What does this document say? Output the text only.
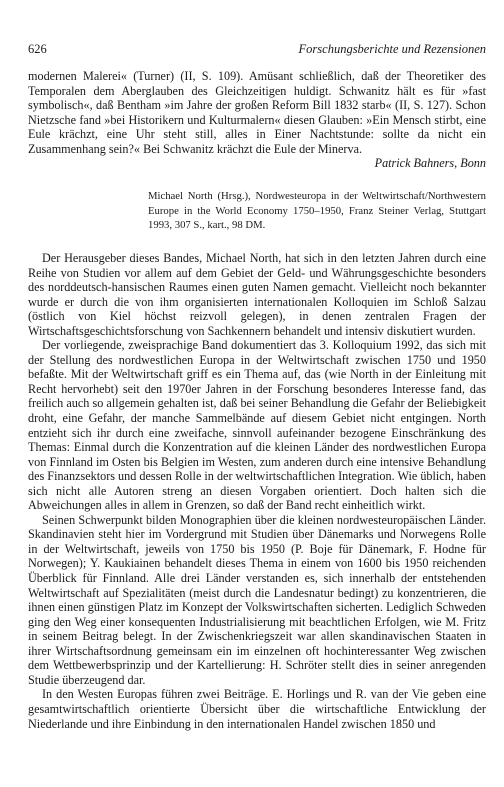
626	Forschungsberichte und Rezensionen

modernen Malerei« (Turner) (II, S. 109). Amüsant schließlich, daß der Theoretiker des Temporalen dem Aberglauben des Gleichzeitigen huldigt. Schwanitz hält es für »fast symbolisch«, daß Bentham »im Jahre der großen Reform Bill 1832 starb« (II, S. 127). Schon Nietzsche fand »bei Historikern und Kulturmalern« diesen Glauben: »Ein Mensch stirbt, eine Eule krächzt, eine Uhr steht still, alles in Einer Nachtstunde: sollte da nicht ein Zusammenhang sein?« Bei Schwanitz krächzt die Eule der Minerva.

Patrick Bahners, Bonn

Michael North (Hrsg.), Nordwesteuropa in der Weltwirtschaft/Northwestern Europe in the World Economy 1750–1950, Franz Steiner Verlag, Stuttgart 1993, 307 S., kart., 98 DM.

Der Herausgeber dieses Bandes, Michael North, hat sich in den letzten Jahren durch eine Reihe von Studien vor allem auf dem Gebiet der Geld- und Währungsgeschichte besonders des norddeutsch-hansischen Raumes einen guten Namen gemacht. Vielleicht noch bekannter wurde er durch die von ihm organisierten internationalen Kolloquien im Schloß Salzau (östlich von Kiel höchst reizvoll gelegen), in denen zentralen Fragen der Wirtschaftsgeschichtsforschung von Sachkennern behandelt und intensiv diskutiert wurden.

Der vorliegende, zweisprachige Band dokumentiert das 3. Kolloquium 1992, das sich mit der Stellung des nordwestlichen Europa in der Weltwirtschaft zwischen 1750 und 1950 befaßte. Mit der Weltwirtschaft griff es ein Thema auf, das (wie North in der Einleitung mit Recht hervorhebt) seit den 1970er Jahren in der Forschung besonderes Interesse fand, das freilich auch so allgemein gehalten ist, daß bei seiner Behandlung die Gefahr der Beliebigkeit droht, eine Gefahr, der manche Sammelbände auf diesem Gebiet nicht entgingen. North entzieht sich ihr durch eine zweifache, sinnvoll aufeinander bezogene Einschränkung des Themas: Einmal durch die Konzentration auf die kleinen Länder des nordwestlichen Europa von Finnland im Osten bis Belgien im Westen, zum anderen durch eine intensive Behandlung des Finanzsektors und dessen Rolle in der weltwirtschaftlichen Integration. Wie üblich, haben sich nicht alle Autoren streng an diesen Vorgaben orientiert. Doch halten sich die Abweichungen alles in allem in Grenzen, so daß der Band recht einheitlich wirkt.

Seinen Schwerpunkt bilden Monographien über die kleinen nordwesteuropäischen Länder. Skandinavien steht hier im Vordergrund mit Studien über Dänemarks und Norwegens Rolle in der Weltwirtschaft, jeweils von 1750 bis 1950 (P. Boje für Dänemark, F. Hodne für Norwegen); Y. Kaukiainen behandelt dieses Thema in einem von 1600 bis 1950 reichenden Überblick für Finnland. Alle drei Länder verstanden es, sich innerhalb der entstehenden Weltwirtschaft auf Spezialitäten (meist durch die Landesnatur bedingt) zu konzentrieren, die ihnen einen günstigen Platz im Konzept der Volkswirtschaften sicherten. Lediglich Schweden ging den Weg einer konsequenten Industrialisierung mit beachtlichen Erfolgen, wie M. Fritz in seinem Beitrag belegt. In der Zwischenkriegszeit war allen skandinavischen Staaten in ihrer Wirtschaftsordnung gemeinsam ein im einzelnen oft hochinteressanter Weg zwischen dem Wettbewerbsprinzip und der Kartellierung: H. Schröter stellt dies in seiner anregenden Studie überzeugend dar.

In den Westen Europas führen zwei Beiträge. E. Horlings und R. van der Vie geben eine gesamtwirtschaftlich orientierte Übersicht über die wirtschaftliche Entwicklung der Niederlande und ihre Einbindung in den internationalen Handel zwischen 1850 und
